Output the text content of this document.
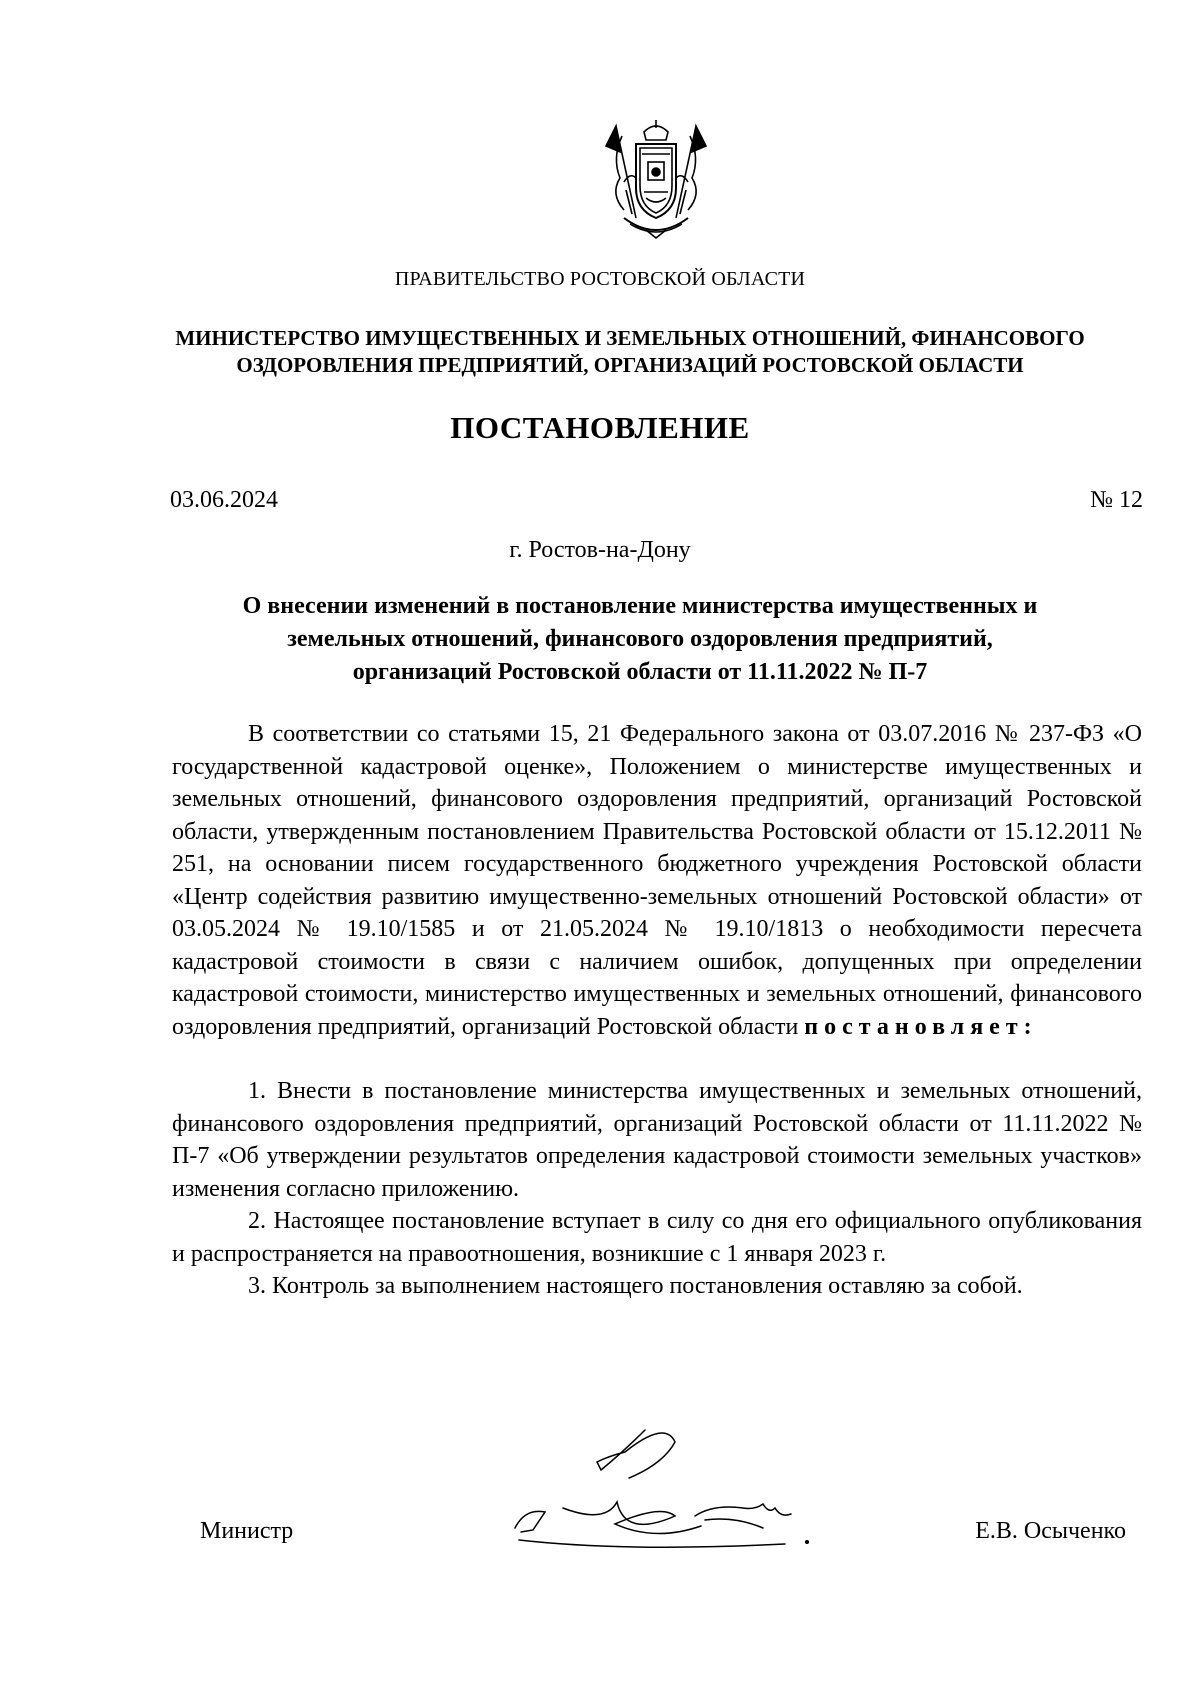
ПРАВИТЕЛЬСТВО РОСТОВСКОЙ ОБЛАСТИ
МИНИСТЕРСТВО ИМУЩЕСТВЕННЫХ И ЗЕМЕЛЬНЫХ ОТНОШЕНИЙ, ФИНАНСОВОГО
ОЗДОРОВЛЕНИЯ ПРЕДПРИЯТИЙ, ОРГАНИЗАЦИЙ РОСТОВСКОЙ ОБЛАСТИ
ПОСТАНОВЛЕНИЕ
03.06.2024	№ 12
г. Ростов-на-Дону
О внесении изменений в постановление министерства имущественных и
земельных отношений, финансового оздоровления предприятий,
организаций Ростовской области от 11.11.2022 № П-7

В соответствии со статьями 15, 21 Федерального закона от 03.07.2016 № 237-ФЗ «О государственной кадастровой оценке», Положением о министерстве имущественных и земельных отношений, финансового оздоровления предприятий, организаций Ростовской области, утвержденным постановлением Правительства Ростовской области от 15.12.2011 № 251, на основании писем государственного бюджетного учреждения Ростовской области «Центр содействия развитию имущественно-земельных отношений Ростовской области» от 03.05.2024 № 19.10/1585 и от 21.05.2024 № 19.10/1813 о необходимости пересчета кадастровой стоимости в связи с наличием ошибок, допущенных при определении кадастровой стоимости, министерство имущественных и земельных отношений, финансового оздоровления предприятий, организаций Ростовской области постановляет:

1. Внести в постановление министерства имущественных и земельных отношений, финансового оздоровления предприятий, организаций Ростовской области от 11.11.2022 № П-7 «Об утверждении результатов определения кадастровой стоимости земельных участков» изменения согласно приложению.

2. Настоящее постановление вступает в силу со дня его официального опубликования и распространяется на правоотношения, возникшие с 1 января 2023 г.

3. Контроль за выполнением настоящего постановления оставляю за собой.

Министр	Е.В. Осыченко
